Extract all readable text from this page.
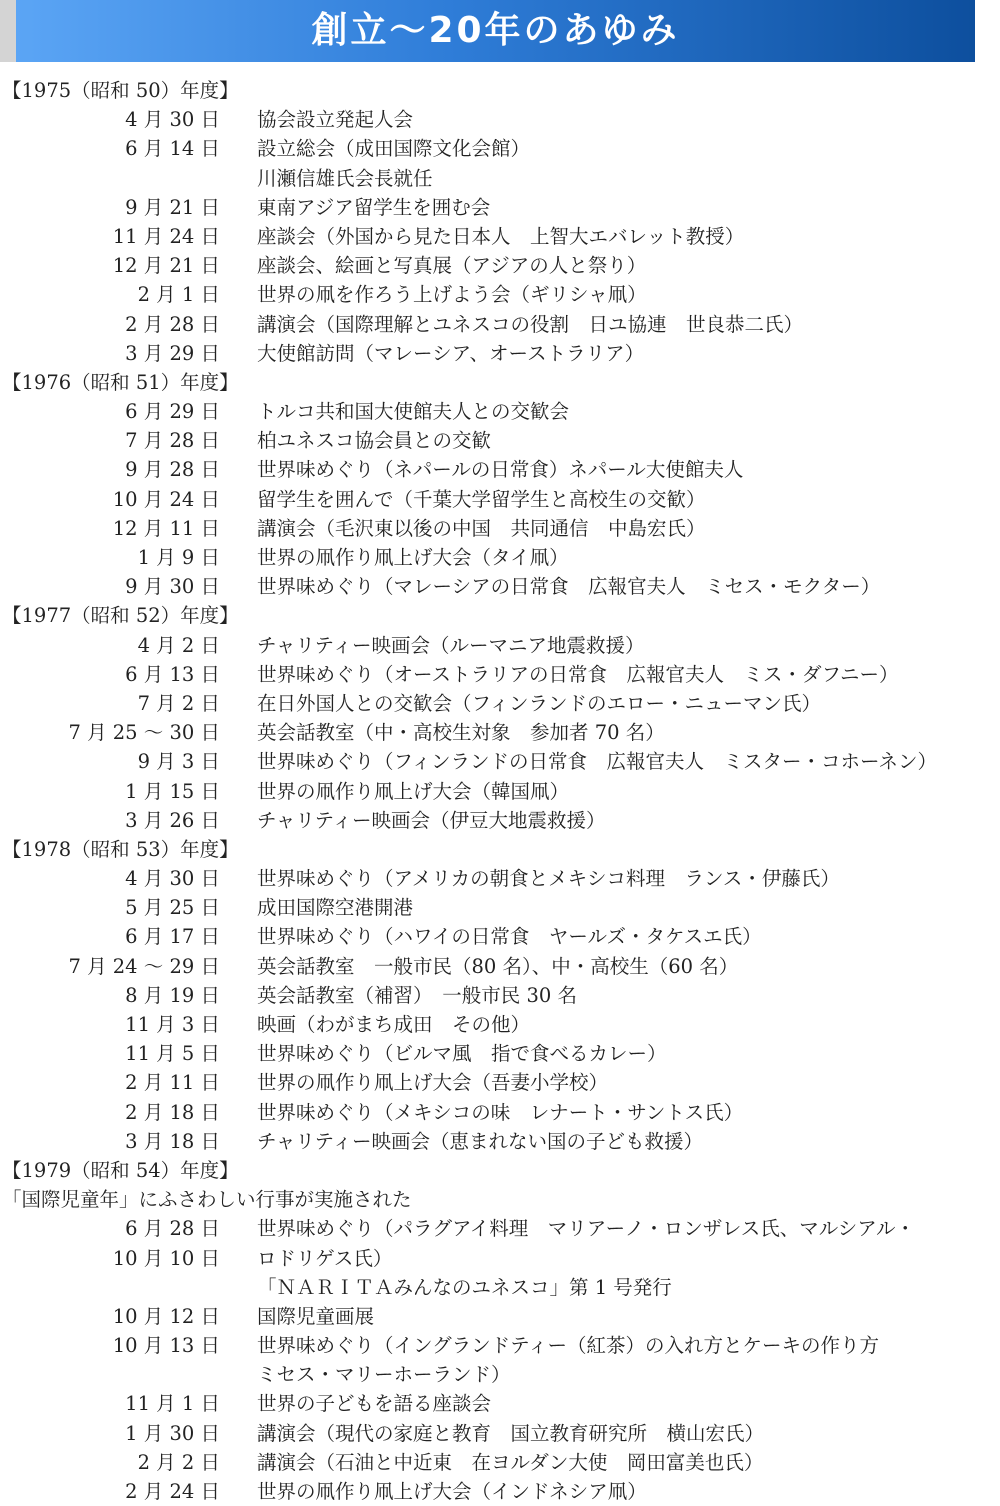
創立～20年のあゆみ
【1975（昭和 50）年度】
4 月 30 日 協会設立発起人会
6 月 14 日 設立総会（成田国際文化会館）
川瀬信雄氏会長就任
9 月 21 日 東南アジア留学生を囲む会
11 月 24 日 座談会（外国から見た日本人　上智大エバレット教授）
12 月 21 日 座談会、絵画と写真展（アジアの人と祭り）
2 月 1 日 世界の凧を作ろう上げよう会（ギリシャ凧）
2 月 28 日 講演会（国際理解とユネスコの役割　日ユ協連　世良恭二氏）
3 月 29 日 大使館訪問（マレーシア、オーストラリア）
【1976（昭和 51）年度】
6 月 29 日 トルコ共和国大使館夫人との交歓会
7 月 28 日 柏ユネスコ協会員との交歓
9 月 28 日 世界味めぐり（ネパールの日常食）ネパール大使館夫人
10 月 24 日 留学生を囲んで（千葉大学留学生と高校生の交歓）
12 月 11 日 講演会（毛沢東以後の中国　共同通信　中島宏氏）
1 月 9 日 世界の凧作り凧上げ大会（タイ凧）
9 月 30 日 世界味めぐり（マレーシアの日常食　広報官夫人　ミセス・モクター）
【1977（昭和 52）年度】
4 月 2 日 チャリティー映画会（ルーマニア地震救援）
6 月 13 日 世界味めぐり（オーストラリアの日常食　広報官夫人　ミス・ダフニー）
7 月 2 日 在日外国人との交歓会（フィンランドのエロー・ニューマン氏）
7 月 25 ～ 30 日 英会話教室（中・高校生対象　参加者 70 名）
9 月 3 日 世界味めぐり（フィンランドの日常食　広報官夫人　ミスター・コホーネン）
1 月 15 日 世界の凧作り凧上げ大会（韓国凧）
3 月 26 日 チャリティー映画会（伊豆大地震救援）
【1978（昭和 53）年度】
4 月 30 日 世界味めぐり（アメリカの朝食とメキシコ料理　ランス・伊藤氏）
5 月 25 日 成田国際空港開港
6 月 17 日 世界味めぐり（ハワイの日常食　ヤールズ・タケスエ氏）
7 月 24 ～ 29 日 英会話教室　一般市民（80 名）、中・高校生（60 名）
8 月 19 日 英会話教室（補習）　一般市民 30 名
11 月 3 日 映画（わがまち成田　その他）
11 月 5 日 世界味めぐり（ビルマ風　指で食べるカレー）
2 月 11 日 世界の凧作り凧上げ大会（吾妻小学校）
2 月 18 日 世界味めぐり（メキシコの味　レナート・サントス氏）
3 月 18 日 チャリティー映画会（恵まれない国の子ども救援）
【1979（昭和 54）年度】
「国際児童年」にふさわしい行事が実施された
6 月 28 日 世界味めぐり（パラグアイ料理　マリアーノ・ロンザレス氏、マルシアル・
10 月 10 日 ロドリゲス氏）
「ＮＡＲＩＴＡみんなのユネスコ」第 1 号発行
10 月 12 日 国際児童画展
10 月 13 日 世界味めぐり（イングランドティー（紅茶）の入れ方とケーキの作り方
ミセス・マリーホーランド）
11 月 1 日 世界の子どもを語る座談会
1 月 30 日 講演会（現代の家庭と教育　国立教育研究所　横山宏氏）
2 月 2 日 講演会（石油と中近東　在ヨルダン大使　岡田富美也氏）
2 月 24 日 世界の凧作り凧上げ大会（インドネシア凧）
